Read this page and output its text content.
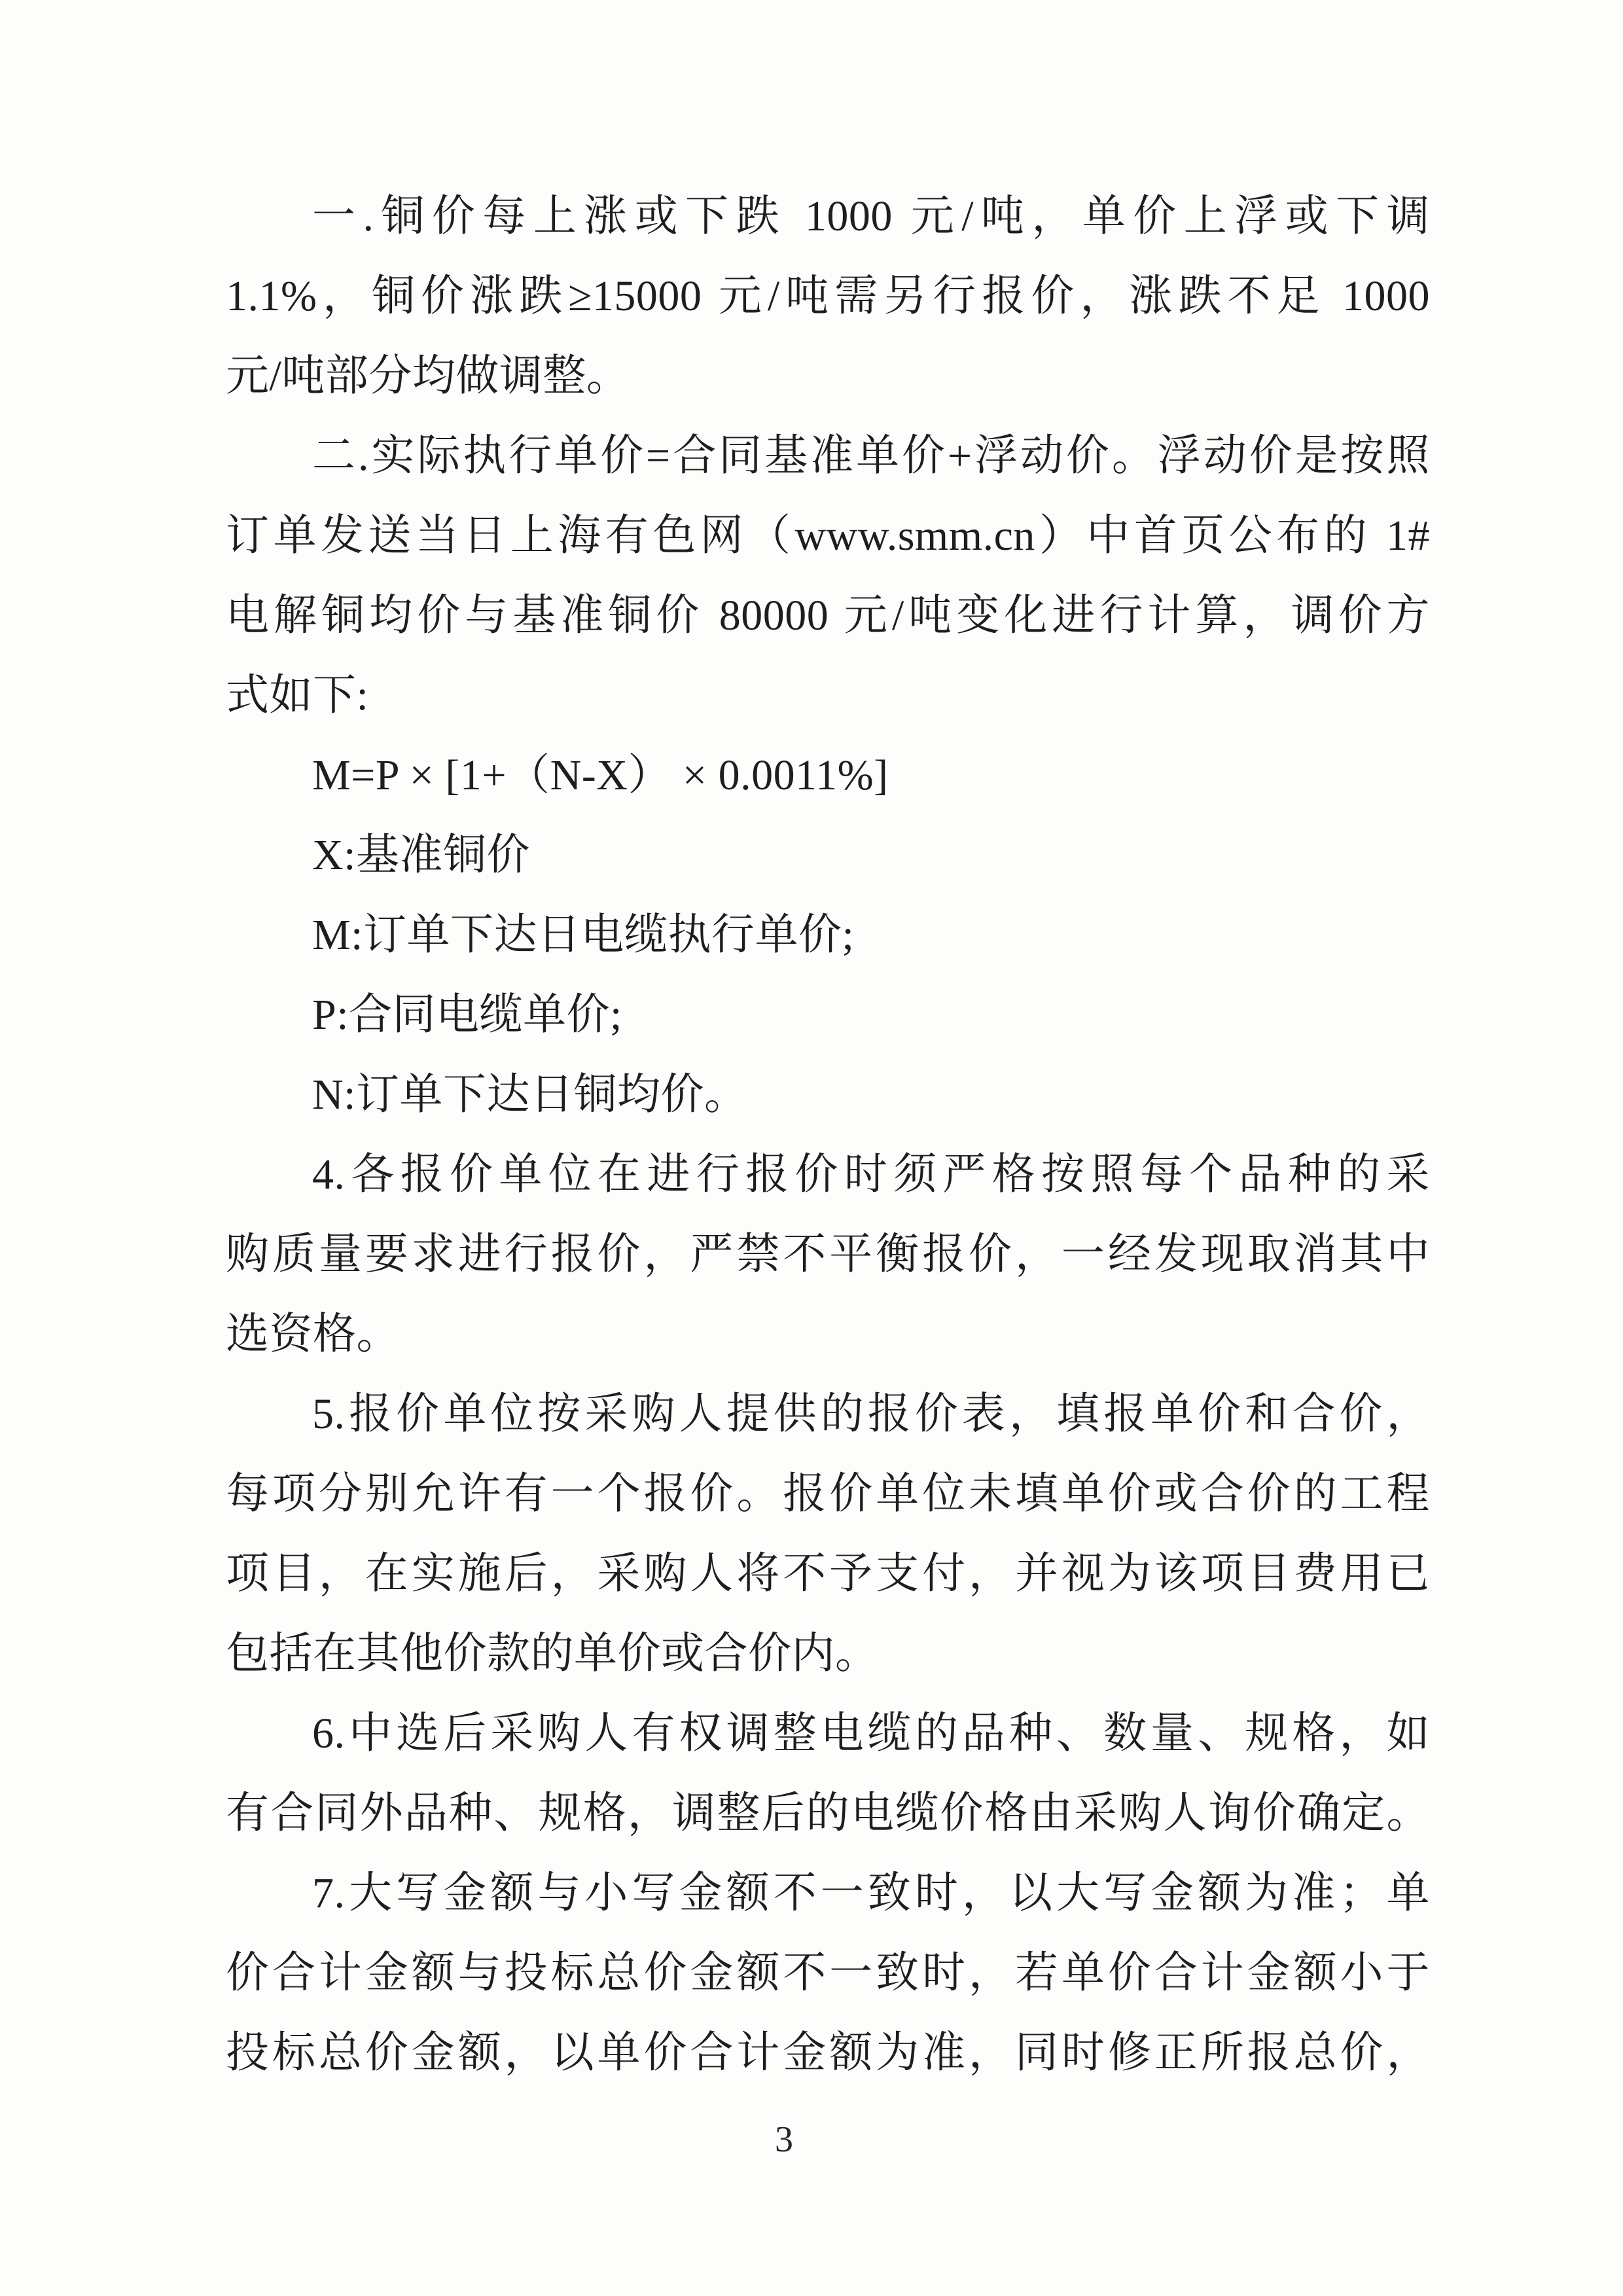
一.铜价每上涨或下跌 1000 元/吨，单价上浮或下调
1.1%，铜价涨跌≥15000 元/吨需另行报价，涨跌不足 1000
元/吨部分均做调整。
二.实际执行单价=合同基准单价+浮动价。浮动价是按照
订单发送当日上海有色网（www.smm.cn）中首页公布的 1#
电解铜均价与基准铜价 80000 元/吨变化进行计算，调价方
式如下:
M=P × [1+（N-X） × 0.0011%]
X:基准铜价
M:订单下达日电缆执行单价;
P:合同电缆单价;
N:订单下达日铜均价。
4.各报价单位在进行报价时须严格按照每个品种的采
购质量要求进行报价，严禁不平衡报价，一经发现取消其中
选资格。
5.报价单位按采购人提供的报价表，填报单价和合价，
每项分别允许有一个报价。报价单位未填单价或合价的工程
项目，在实施后，采购人将不予支付，并视为该项目费用已
包括在其他价款的单价或合价内。
6.中选后采购人有权调整电缆的品种、数量、规格，如
有合同外品种、规格，调整后的电缆价格由采购人询价确定。
7.大写金额与小写金额不一致时，以大写金额为准；单
价合计金额与投标总价金额不一致时，若单价合计金额小于
投标总价金额，以单价合计金额为准，同时修正所报总价，
3
